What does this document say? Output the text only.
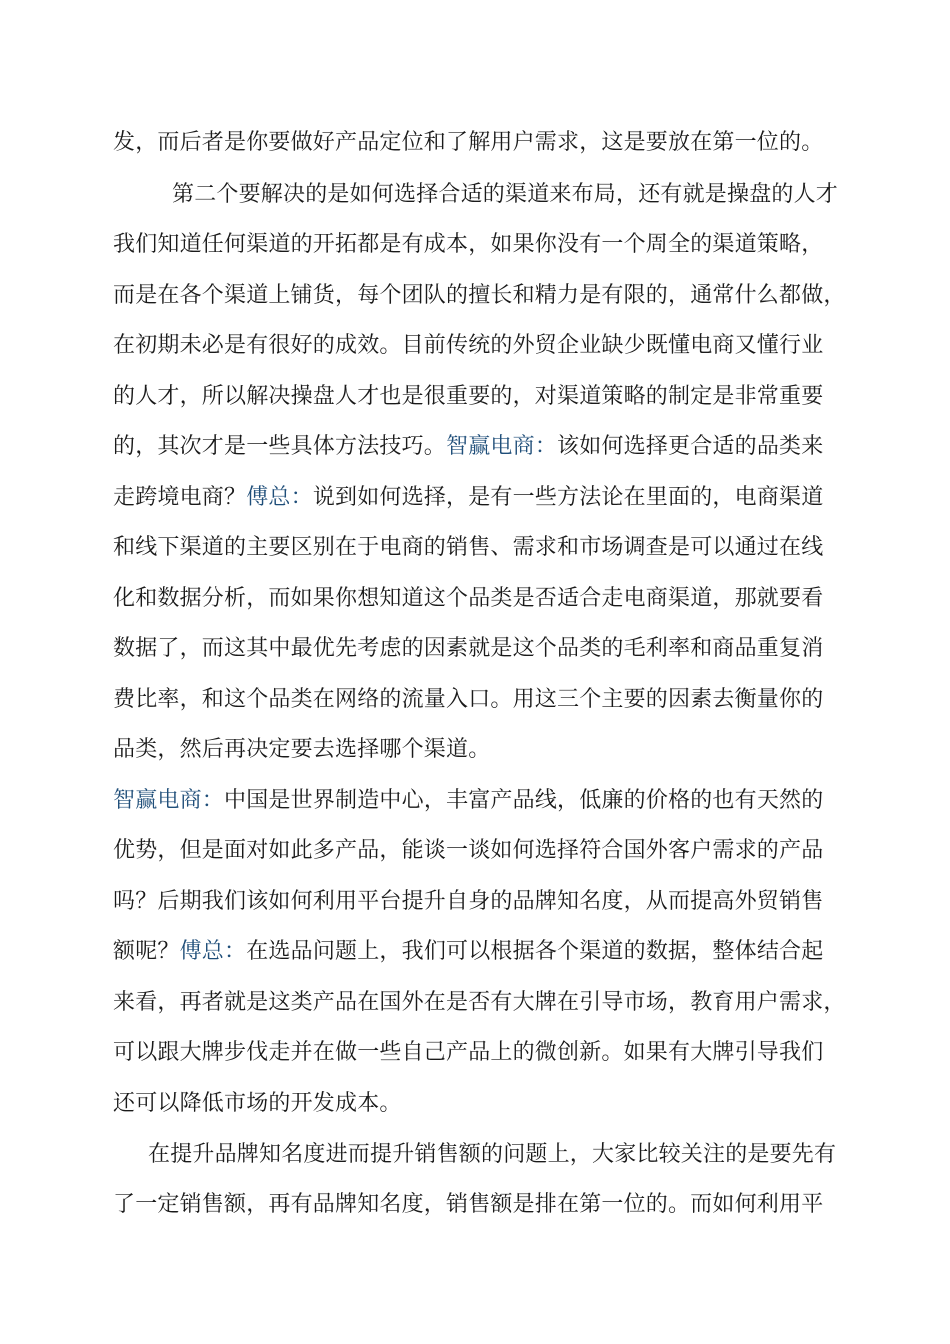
发，而后者是你要做好产品定位和了解用户需求，这是要放在第一位的。
第二个要解决的是如何选择合适的渠道来布局，还有就是操盘的人才
我们知道任何渠道的开拓都是有成本，如果你没有一个周全的渠道策略，
而是在各个渠道上铺货，每个团队的擅长和精力是有限的，通常什么都做，
在初期未必是有很好的成效。目前传统的外贸企业缺少既懂电商又懂行业
的人才，所以解决操盘人才也是很重要的，对渠道策略的制定是非常重要
的，其次才是一些具体方法技巧。智赢电商：该如何选择更合适的品类来
走跨境电商？傅总：说到如何选择，是有一些方法论在里面的，电商渠道
和线下渠道的主要区别在于电商的销售、需求和市场调查是可以通过在线
化和数据分析，而如果你想知道这个品类是否适合走电商渠道，那就要看
数据了，而这其中最优先考虑的因素就是这个品类的毛利率和商品重复消
费比率，和这个品类在网络的流量入口。用这三个主要的因素去衡量你的
品类，然后再决定要去选择哪个渠道。
智赢电商：中国是世界制造中心，丰富产品线，低廉的价格的也有天然的
优势，但是面对如此多产品，能谈一谈如何选择符合国外客户需求的产品
吗？后期我们该如何利用平台提升自身的品牌知名度，从而提高外贸销售
额呢？傅总：在选品问题上，我们可以根据各个渠道的数据，整体结合起
来看，再者就是这类产品在国外在是否有大牌在引导市场，教育用户需求，
可以跟大牌步伐走并在做一些自己产品上的微创新。如果有大牌引导我们
还可以降低市场的开发成本。
在提升品牌知名度进而提升销售额的问题上，大家比较关注的是要先有
了一定销售额，再有品牌知名度，销售额是排在第一位的。而如何利用平
